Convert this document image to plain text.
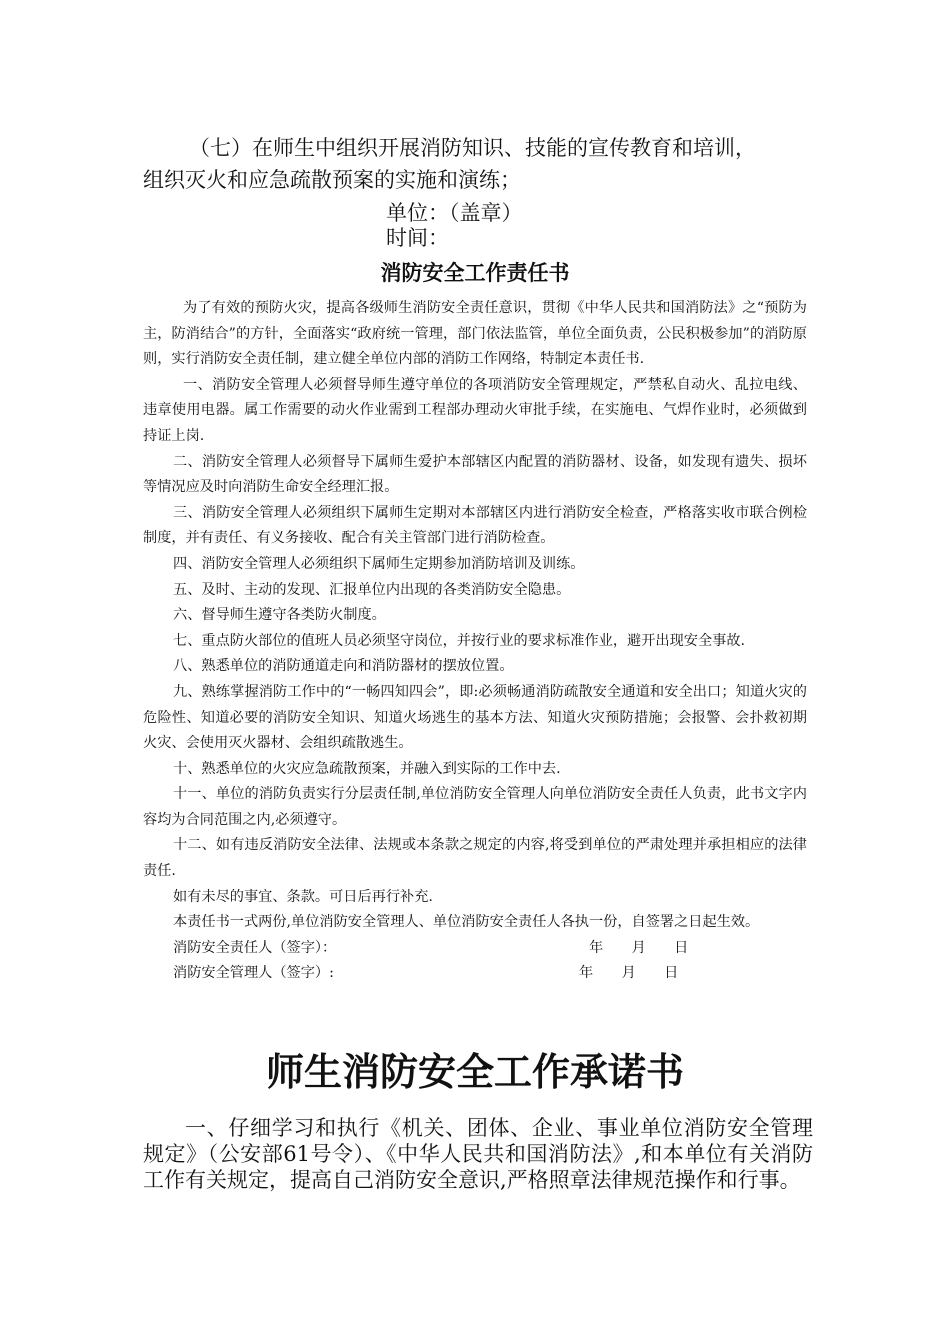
（七）在师生中组织开展消防知识、技能的宣传教育和培训，
组织灭火和应急疏散预案的实施和演练；
单位：（盖章）
时间：
消防安全工作责任书

为了有效的预防火灾，提高各级师生消防安全责任意识，贯彻《中华人民共和国消防法》之“预防为主，防消结合”的方针，全面落实“政府统一管理，部门依法监管，单位全面负责，公民积极参加”的消防原则，实行消防安全责任制，建立健全单位内部的消防工作网络，特制定本责任书.

一、消防安全管理人必须督导师生遵守单位的各项消防安全管理规定，严禁私自动火、乱拉电线、违章使用电器。属工作需要的动火作业需到工程部办理动火审批手续，在实施电、气焊作业时，必须做到持证上岗.

二、消防安全管理人必须督导下属师生爱护本部辖区内配置的消防器材、设备，如发现有遗失、损坏等情况应及时向消防生命安全经理汇报。

三、消防安全管理人必须组织下属师生定期对本部辖区内进行消防安全检查，严格落实收市联合例检制度，并有责任、有义务接收、配合有关主管部门进行消防检查。

四、消防安全管理人必须组织下属师生定期参加消防培训及训练。

五、及时、主动的发现、汇报单位内出现的各类消防安全隐患。

六、督导师生遵守各类防火制度。

七、重点防火部位的值班人员必须坚守岗位，并按行业的要求标准作业，避开出现安全事故.

八、熟悉单位的消防通道走向和消防器材的摆放位置。

九、熟练掌握消防工作中的“一畅四知四会”，即:必须畅通消防疏散安全通道和安全出口；知道火灾的危险性、知道必要的消防安全知识、知道火场逃生的基本方法、知道火灾预防措施；会报警、会扑救初期火灾、会使用灭火器材、会组织疏散逃生。

十、熟悉单位的火灾应急疏散预案，并融入到实际的工作中去.

十一、单位的消防负责实行分层责任制,单位消防安全管理人向单位消防安全责任人负责，此书文字内容均为合同范围之内,必须遵守。

十二、如有违反消防安全法律、法规或本条款之规定的内容,将受到单位的严肃处理并承担相应的法律责任.

如有未尽的事宜、条款。可日后再行补充.

本责任书一式两份,单位消防安全管理人、单位消防安全责任人各执一份，自签署之日起生效。

消防安全责任人（签字）：	年　　月　　日
消防安全管理人（签字）:	年　　月　　日
师生消防安全工作承诺书

一、仔细学习和执行《机关、团体、企业、事业单位消防安全管理规定》（公安部61号令）、《中华人民共和国消防法》,和本单位有关消防工作有关规定，提高自己消防安全意识,严格照章法律规范操作和行事。
